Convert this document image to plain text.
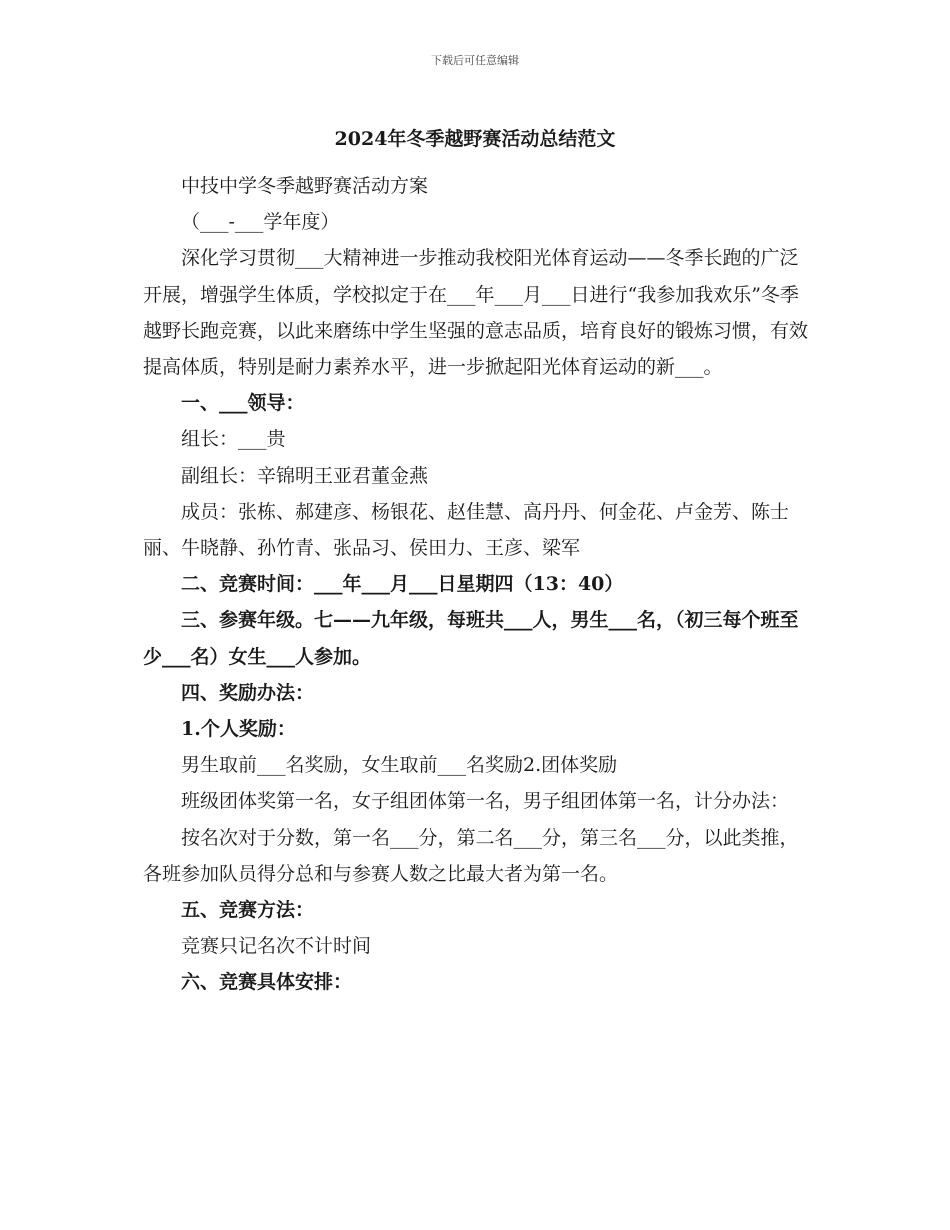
下载后可任意编辑
2024年冬季越野赛活动总结范文

中技中学冬季越野赛活动方案

（___-___学年度）

深化学习贯彻___大精神进一步推动我校阳光体育运动——冬季长跑的广泛开展，增强学生体质，学校拟定于在___年___月___日进行“我参加我欢乐”冬季越野长跑竞赛，以此来磨练中学生坚强的意志品质，培育良好的锻炼习惯，有效提高体质，特别是耐力素养水平，进一步掀起阳光体育运动的新___。

一、___领导：

组长：___贵

副组长：辛锦明王亚君董金燕

成员：张栋、郝建彦、杨银花、赵佳慧、高丹丹、何金花、卢金芳、陈士丽、牛晓静、孙竹青、张品习、侯田力、王彦、梁军

二、竞赛时间：___年___月___日星期四（13：40）

三、参赛年级。七——九年级，每班共___人，男生___名，（初三每个班至少___名）女生___人参加。

四、奖励办法：

1.个人奖励：

男生取前___名奖励，女生取前___名奖励2.团体奖励

班级团体奖第一名，女子组团体第一名，男子组团体第一名，计分办法：

按名次对于分数，第一名___分，第二名___分，第三名___分，以此类推，各班参加队员得分总和与参赛人数之比最大者为第一名。

五、竞赛方法：

竞赛只记名次不计时间

六、竞赛具体安排：
